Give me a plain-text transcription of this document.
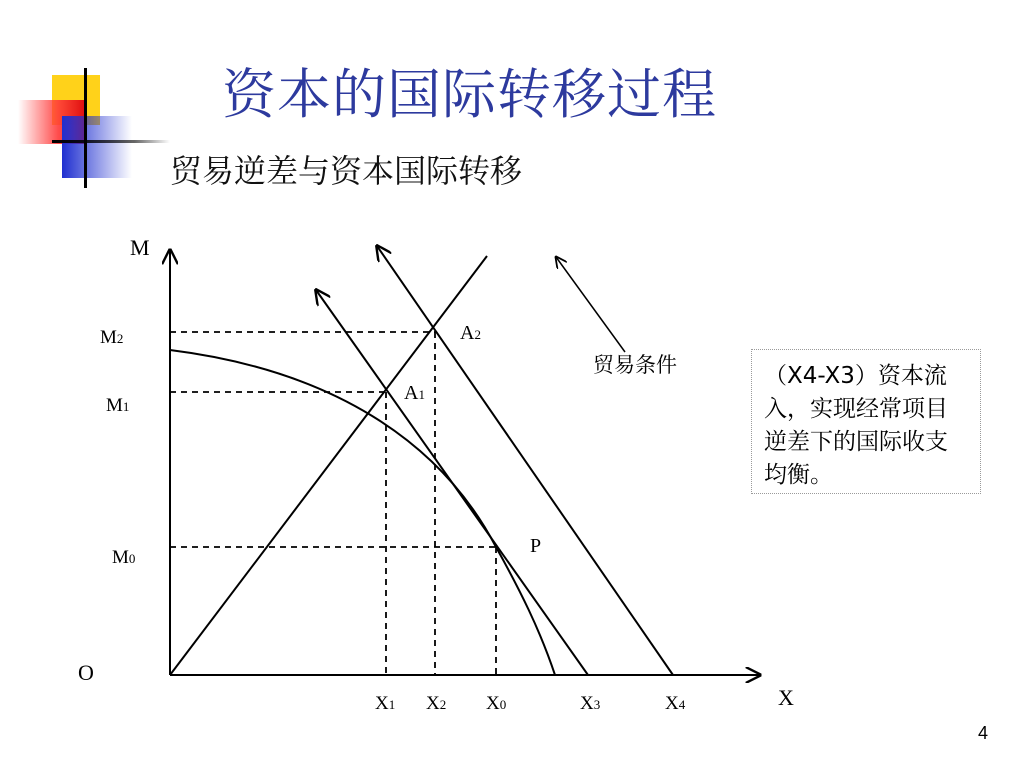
资本的国际转移过程
贸易逆差与资本国际转移
M
X
O
M2
M1
M0
X1 X2 X0	X3	X4
A2
A1
P
贸易条件	（X4-X3）资本流入，实现经常项目逆差下的国际收支均衡。
4
